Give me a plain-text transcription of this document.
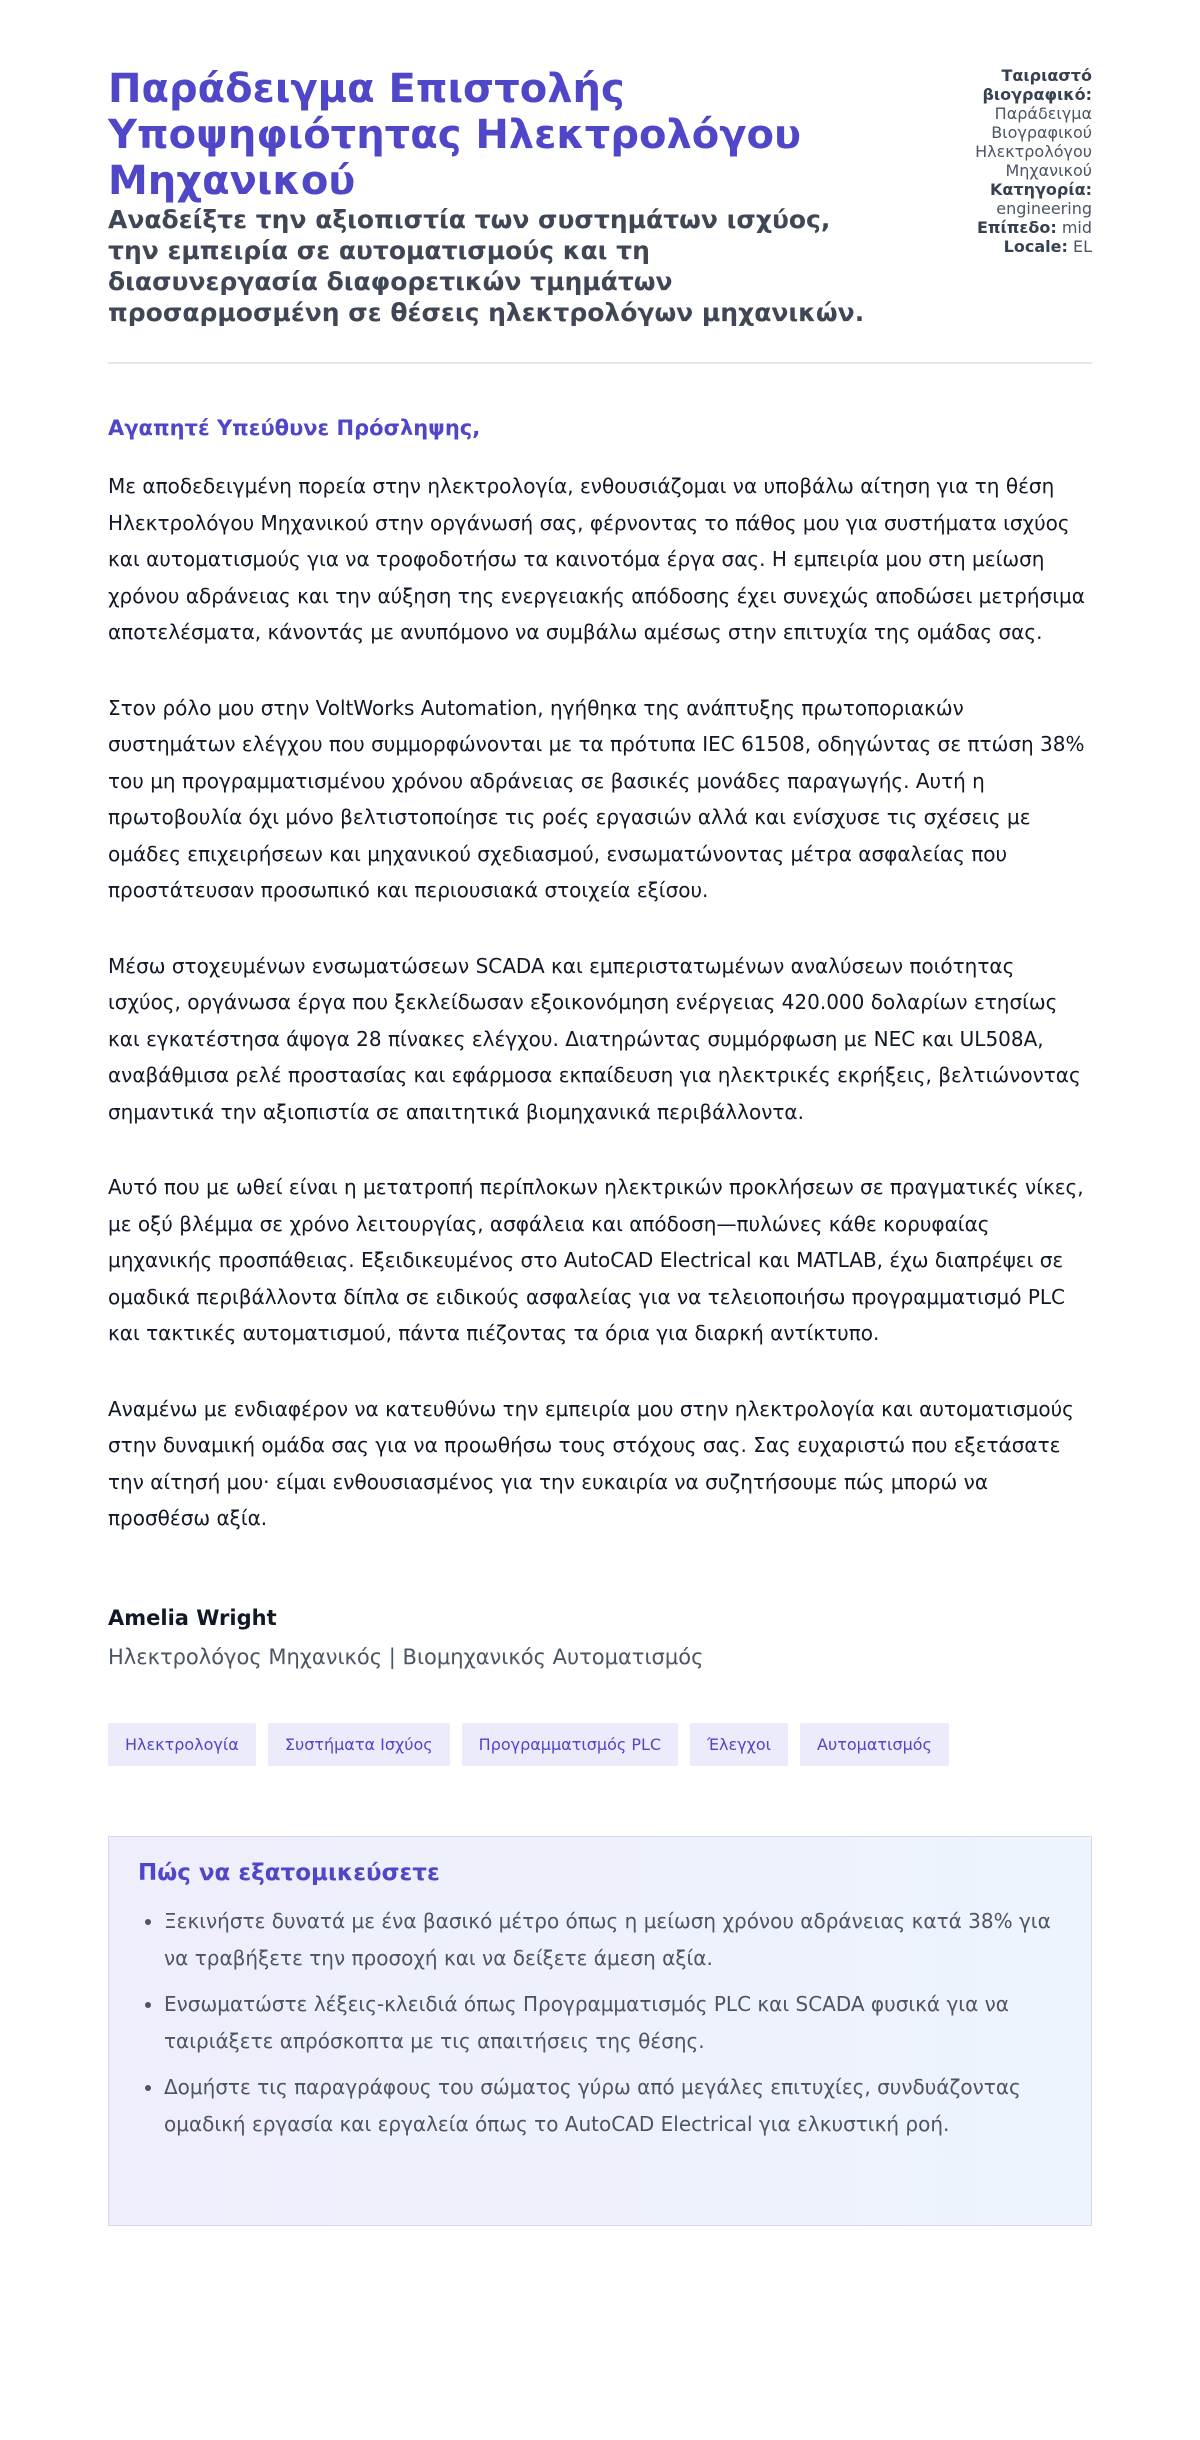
Παράδειγμα Επιστολής Υποψηφιότητας Ηλεκτρολόγου Μηχανικού

Αναδείξτε την αξιοπιστία των συστημάτων ισχύος, την εμπειρία σε αυτοματισμούς και τη διασυνεργασία διαφορετικών τμημάτων προσαρμοσμένη σε θέσεις ηλεκτρολόγων μηχανικών.

Ταιριαστό βιογραφικό:
Παράδειγμα Βιογραφικού Ηλεκτρολόγου Μηχανικού
Κατηγορία:
engineering
Επίπεδο: mid
Locale: EL
Αγαπητέ Υπεύθυνε Πρόσληψης,

Με αποδεδειγμένη πορεία στην ηλεκτρολογία, ενθουσιάζομαι να υποβάλω αίτηση για τη θέση Ηλεκτρολόγου Μηχανικού στην οργάνωσή σας, φέρνοντας το πάθος μου για συστήματα ισχύος και αυτοματισμούς για να τροφοδοτήσω τα καινοτόμα έργα σας. Η εμπειρία μου στη μείωση χρόνου αδράνειας και την αύξηση της ενεργειακής απόδοσης έχει συνεχώς αποδώσει μετρήσιμα αποτελέσματα, κάνοντάς με ανυπόμονο να συμβάλω αμέσως στην επιτυχία της ομάδας σας.

Στον ρόλο μου στην VoltWorks Automation, ηγήθηκα της ανάπτυξης πρωτοποριακών συστημάτων ελέγχου που συμμορφώνονται με τα πρότυπα IEC 61508, οδηγώντας σε πτώση 38% του μη προγραμματισμένου χρόνου αδράνειας σε βασικές μονάδες παραγωγής. Αυτή η πρωτοβουλία όχι μόνο βελτιστοποίησε τις ροές εργασιών αλλά και ενίσχυσε τις σχέσεις με ομάδες επιχειρήσεων και μηχανικού σχεδιασμού, ενσωματώνοντας μέτρα ασφαλείας που προστάτευσαν προσωπικό και περιουσιακά στοιχεία εξίσου.

Μέσω στοχευμένων ενσωματώσεων SCADA και εμπεριστατωμένων αναλύσεων ποιότητας ισχύος, οργάνωσα έργα που ξεκλείδωσαν εξοικονόμηση ενέργειας 420.000 δολαρίων ετησίως και εγκατέστησα άψογα 28 πίνακες ελέγχου. Διατηρώντας συμμόρφωση με NEC και UL508A, αναβάθμισα ρελέ προστασίας και εφάρμοσα εκπαίδευση για ηλεκτρικές εκρήξεις, βελτιώνοντας σημαντικά την αξιοπιστία σε απαιτητικά βιομηχανικά περιβάλλοντα.

Αυτό που με ωθεί είναι η μετατροπή περίπλοκων ηλεκτρικών προκλήσεων σε πραγματικές νίκες, με οξύ βλέμμα σε χρόνο λειτουργίας, ασφάλεια και απόδοση—πυλώνες κάθε κορυφαίας μηχανικής προσπάθειας. Εξειδικευμένος στο AutoCAD Electrical και MATLAB, έχω διαπρέψει σε ομαδικά περιβάλλοντα δίπλα σε ειδικούς ασφαλείας για να τελειοποιήσω προγραμματισμό PLC και τακτικές αυτοματισμού, πάντα πιέζοντας τα όρια για διαρκή αντίκτυπο.

Αναμένω με ενδιαφέρον να κατευθύνω την εμπειρία μου στην ηλεκτρολογία και αυτοματισμούς στην δυναμική ομάδα σας για να προωθήσω τους στόχους σας. Σας ευχαριστώ που εξετάσατε την αίτησή μου· είμαι ενθουσιασμένος για την ευκαιρία να συζητήσουμε πώς μπορώ να προσθέσω αξία.

Amelia Wright
Ηλεκτρολόγος Μηχανικός | Βιομηχανικός Αυτοματισμός
Ηλεκτρολογία	Συστήματα Ισχύος	Προγραμματισμός PLC	Έλεγχοι	Αυτοματισμός
Πώς να εξατομικεύσετε
• Ξεκινήστε δυνατά με ένα βασικό μέτρο όπως η μείωση χρόνου αδράνειας κατά 38% για να τραβήξετε την προσοχή και να δείξετε άμεση αξία.
• Ενσωματώστε λέξεις-κλειδιά όπως Προγραμματισμός PLC και SCADA φυσικά για να ταιριάξετε απρόσκοπτα με τις απαιτήσεις της θέσης.
• Δομήστε τις παραγράφους του σώματος γύρω από μεγάλες επιτυχίες, συνδυάζοντας ομαδική εργασία και εργαλεία όπως το AutoCAD Electrical για ελκυστική ροή.
